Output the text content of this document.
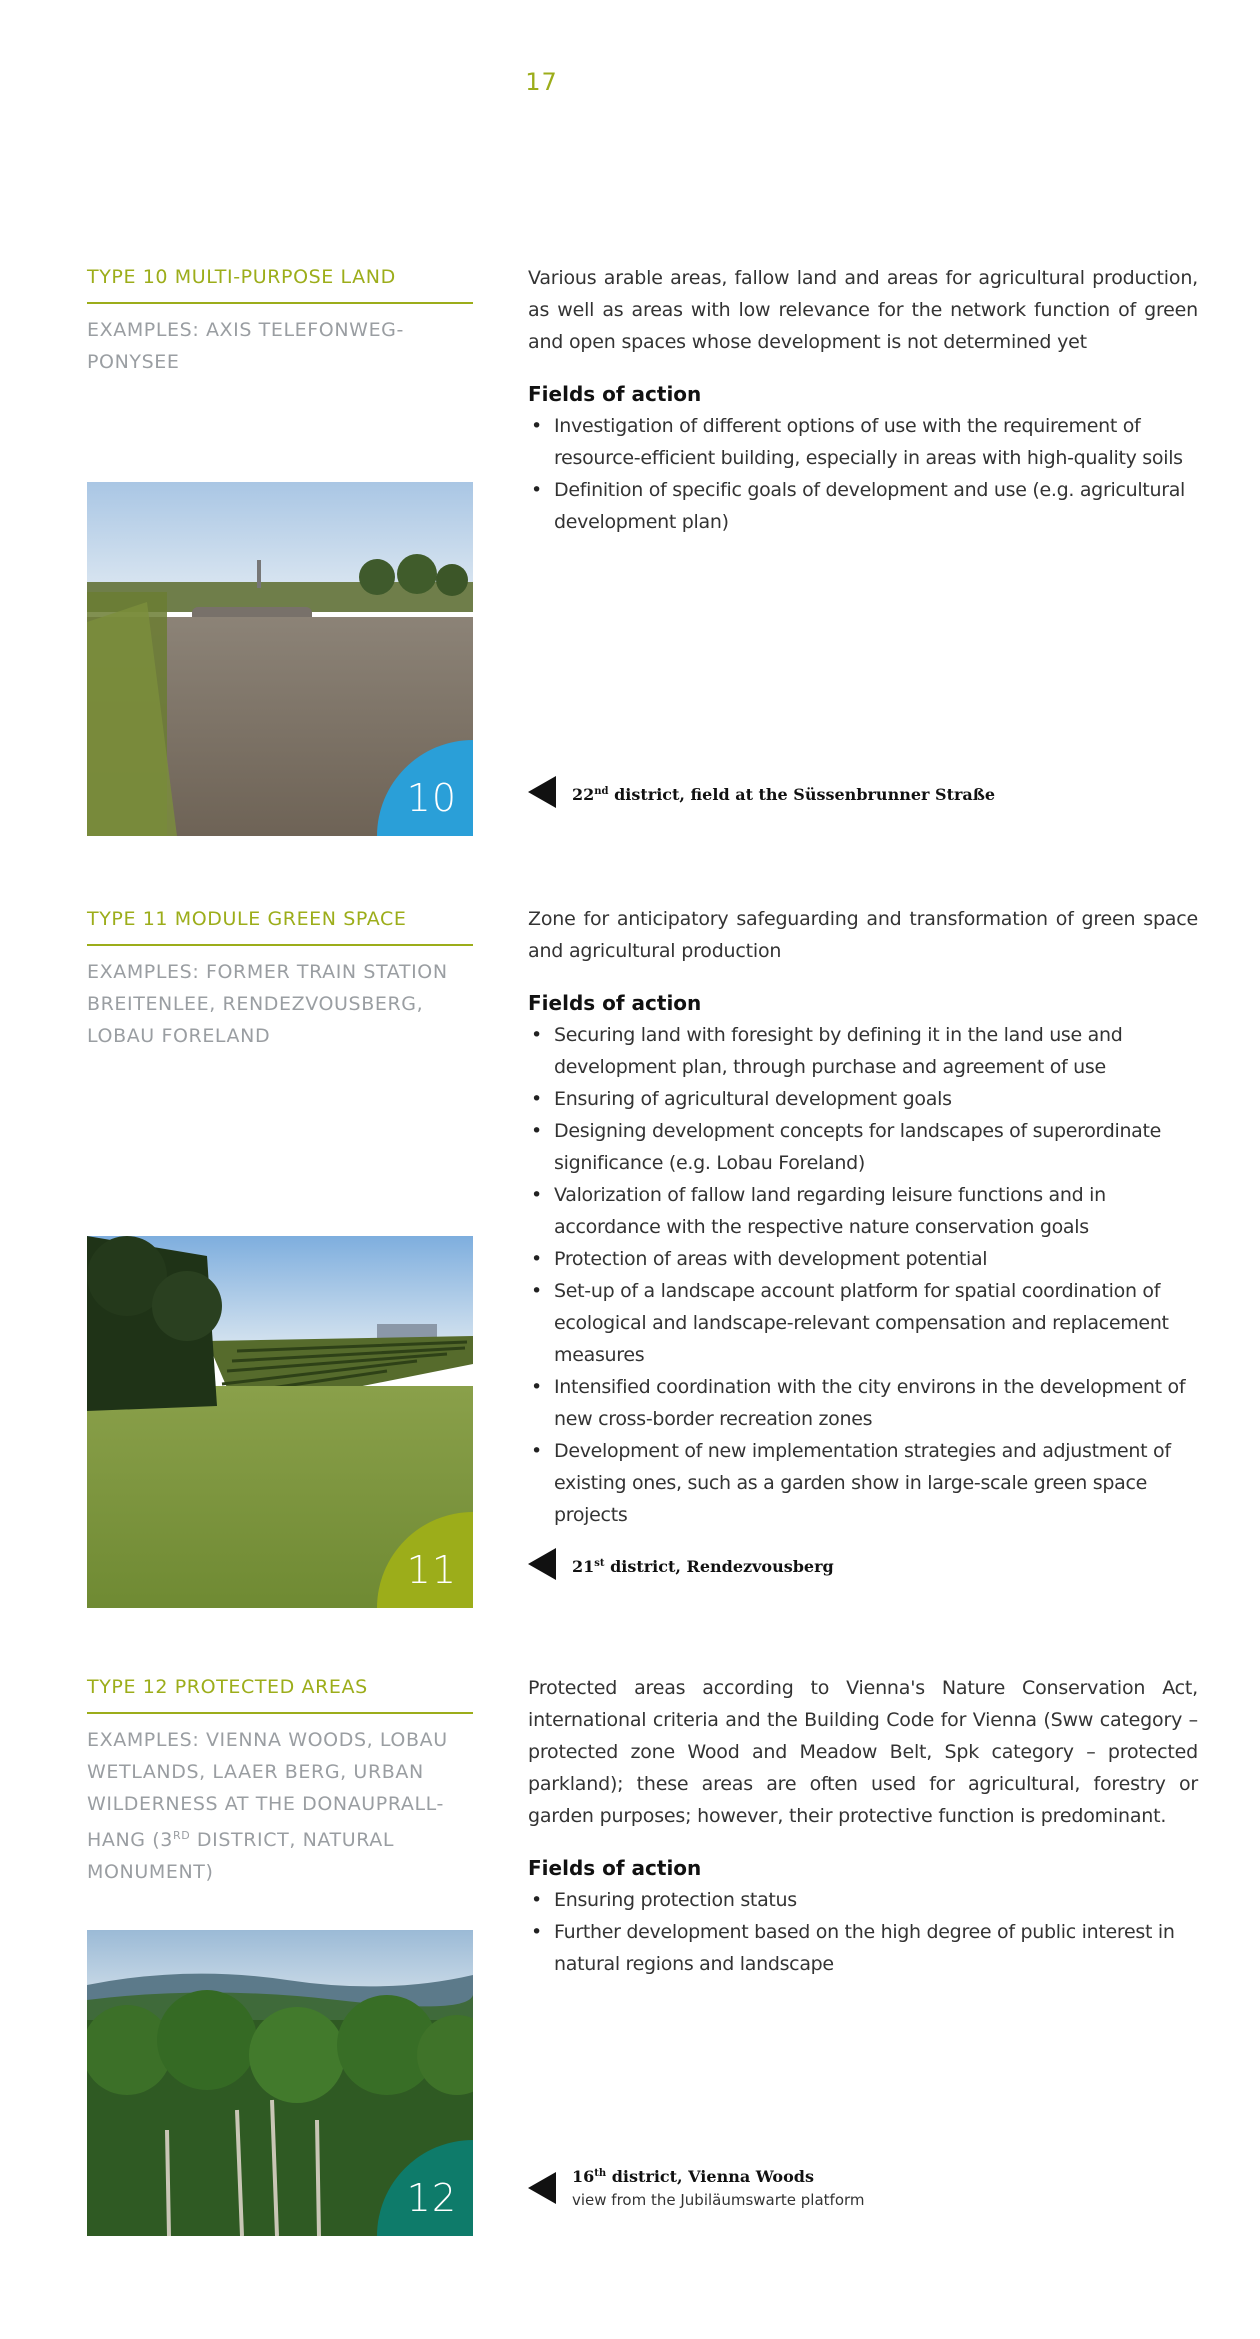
17
TYPE 10 MULTI-PURPOSE LAND
EXAMPLES: AXIS TELEFONWEG-PONYSEE
10

Various arable areas, fallow land and areas for agricultural production, as well as areas with low relevance for the network function of green and open spaces whose development is not determined yet

Fields of action
• Investigation of different options of use with the requirement of resource-efficient building, especially in areas with high-quality soils
• Definition of specific goals of development and use (e.g. agricultural development plan)
22nd district, field at the Süssenbrunner Straße
TYPE 11 MODULE GREEN SPACE
EXAMPLES: FORMER TRAIN STATION BREITENLEE, RENDEZVOUSBERG, LOBAU FORELAND
11

Zone for anticipatory safeguarding and transformation of green space and agricultural production

Fields of action
• Securing land with foresight by defining it in the land use and development plan, through purchase and agreement of use
• Ensuring of agricultural development goals
• Designing development concepts for landscapes of superordinate significance (e.g. Lobau Foreland)
• Valorization of fallow land regarding leisure functions and in accordance with the respective nature conservation goals
• Protection of areas with development potential
• Set-up of a landscape account platform for spatial coordination of ecological and landscape-relevant compensation and replacement measures
• Intensified coordination with the city environs in the development of new cross-border recreation zones
• Development of new implementation strategies and adjustment of existing ones, such as a garden show in large-scale green space projects
21st district, Rendezvousberg
TYPE 12 PROTECTED AREAS
EXAMPLES: VIENNA WOODS, LOBAU WETLANDS, LAAER BERG, URBAN WILDERNESS AT THE DONAUPRALL-HANG (3RD DISTRICT, NATURAL MONUMENT)
12

Protected areas according to Vienna's Nature Conservation Act, international criteria and the Building Code for Vienna (Sww category – protected zone Wood and Meadow Belt, Spk category – protected parkland); these areas are often used for agricultural, forestry or garden purposes; however, their protective function is predominant.

Fields of action
• Ensuring protection status
• Further development based on the high degree of public interest in natural regions and landscape
16th district, Vienna Woods
view from the Jubiläumswarte platform
